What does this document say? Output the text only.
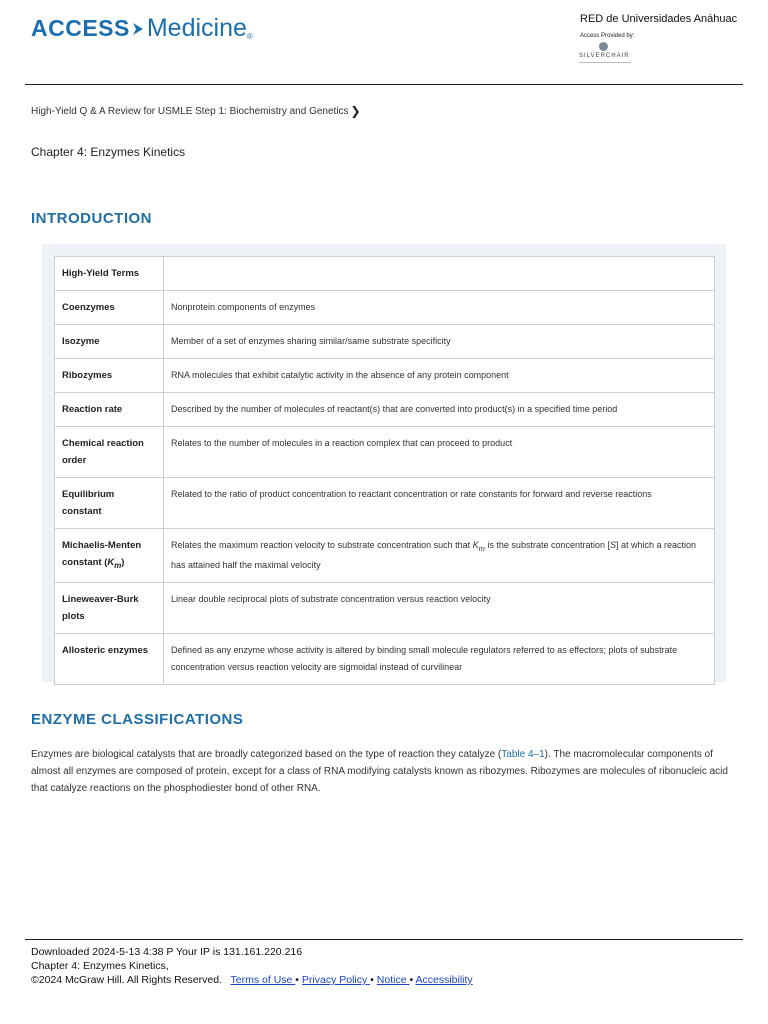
ACCESS Medicine ®
RED de Universidades Anáhuac
Access Provided by:
SILVERCHAIR
High-Yield Q & A Review for USMLE Step 1: Biochemistry and Genetics ❯
Chapter 4: Enzymes Kinetics
INTRODUCTION
High-Yield Terms	
Coenzymes	Nonprotein components of enzymes
Isozyme	Member of a set of enzymes sharing similar/same substrate specificity
Ribozymes	RNA molecules that exhibit catalytic activity in the absence of any protein component
Reaction rate	Described by the number of molecules of reactant(s) that are converted into product(s) in a specified time period
Chemical reaction order	Relates to the number of molecules in a reaction complex that can proceed to product
Equilibrium constant	Related to the ratio of product concentration to reactant concentration or rate constants for forward and reverse reactions
Michaelis-Menten constant $(K_m)$	Relates the maximum reaction velocity to substrate concentration such that $K_m$ is the substrate concentration [S] at which a reaction has attained half the maximal velocity
Lineweaver-Burk plots	Linear double reciprocal plots of substrate concentration versus reaction velocity
Allosteric enzymes	Defined as any enzyme whose activity is altered by binding small molecule regulators referred to as effectors; plots of substrate concentration versus reaction velocity are sigmoidal instead of curvilinear
ENZYME CLASSIFICATIONS
Enzymes are biological catalysts that are broadly categorized based on the type of reaction they catalyze (Table 4–1). The macromolecular components of almost all enzymes are composed of protein, except for a class of RNA modifying catalysts known as ribozymes. Ribozymes are molecules of ribonucleic acid that catalyze reactions on the phosphodiester bond of other RNA.
Downloaded 2024-5-13 4:38 P Your IP is 131.161.220.216
Chapter 4: Enzymes Kinetics,
©2024 McGraw Hill. All Rights Reserved. Terms of Use • Privacy Policy • Notice • Accessibility
